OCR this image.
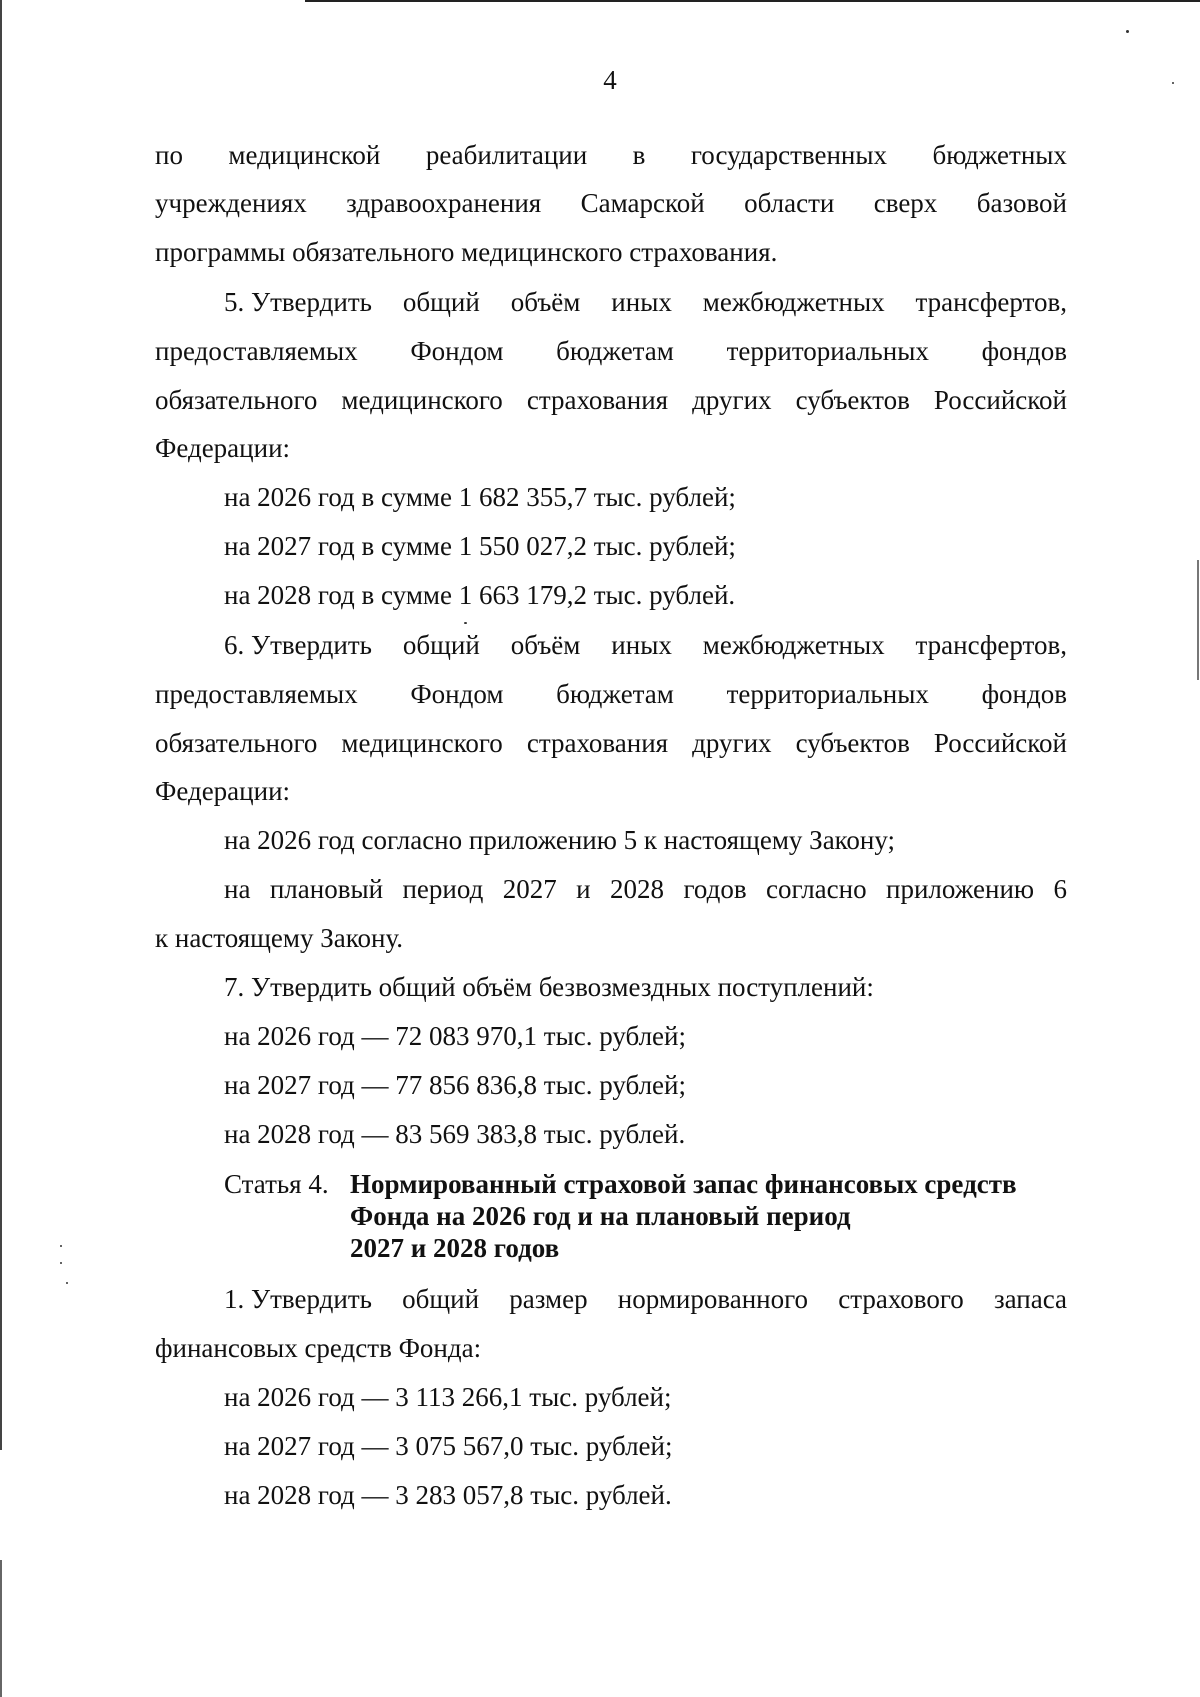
4
по медицинской реабилитации в государственных бюджетных
учреждениях здравоохранения Самарской области сверх базовой
программы обязательного медицинского страхования.
5. Утвердить общий объём иных межбюджетных трансфертов,
предоставляемых Фондом бюджетам территориальных фондов
обязательного медицинского страхования других субъектов Российской
Федерации:
на 2026 год в сумме 1 682 355,7 тыс. рублей;
на 2027 год в сумме 1 550 027,2 тыс. рублей;
на 2028 год в сумме 1 663 179,2 тыс. рублей.
6. Утвердить общий объём иных межбюджетных трансфертов,
предоставляемых Фондом бюджетам территориальных фондов
обязательного медицинского страхования других субъектов Российской
Федерации:
на 2026 год согласно приложению 5 к настоящему Закону;
на плановый период 2027 и 2028 годов согласно приложению 6
к настоящему Закону.
7. Утвердить общий объём безвозмездных поступлений:
на 2026 год — 72 083 970,1 тыс. рублей;
на 2027 год — 77 856 836,8 тыс. рублей;
на 2028 год — 83 569 383,8 тыс. рублей.
Статья 4. Нормированный страховой запас финансовых средств
Фонда на 2026 год и на плановый период
2027 и 2028 годов
1. Утвердить общий размер нормированного страхового запаса
финансовых средств Фонда:
на 2026 год — 3 113 266,1 тыс. рублей;
на 2027 год — 3 075 567,0 тыс. рублей;
на 2028 год — 3 283 057,8 тыс. рублей.
